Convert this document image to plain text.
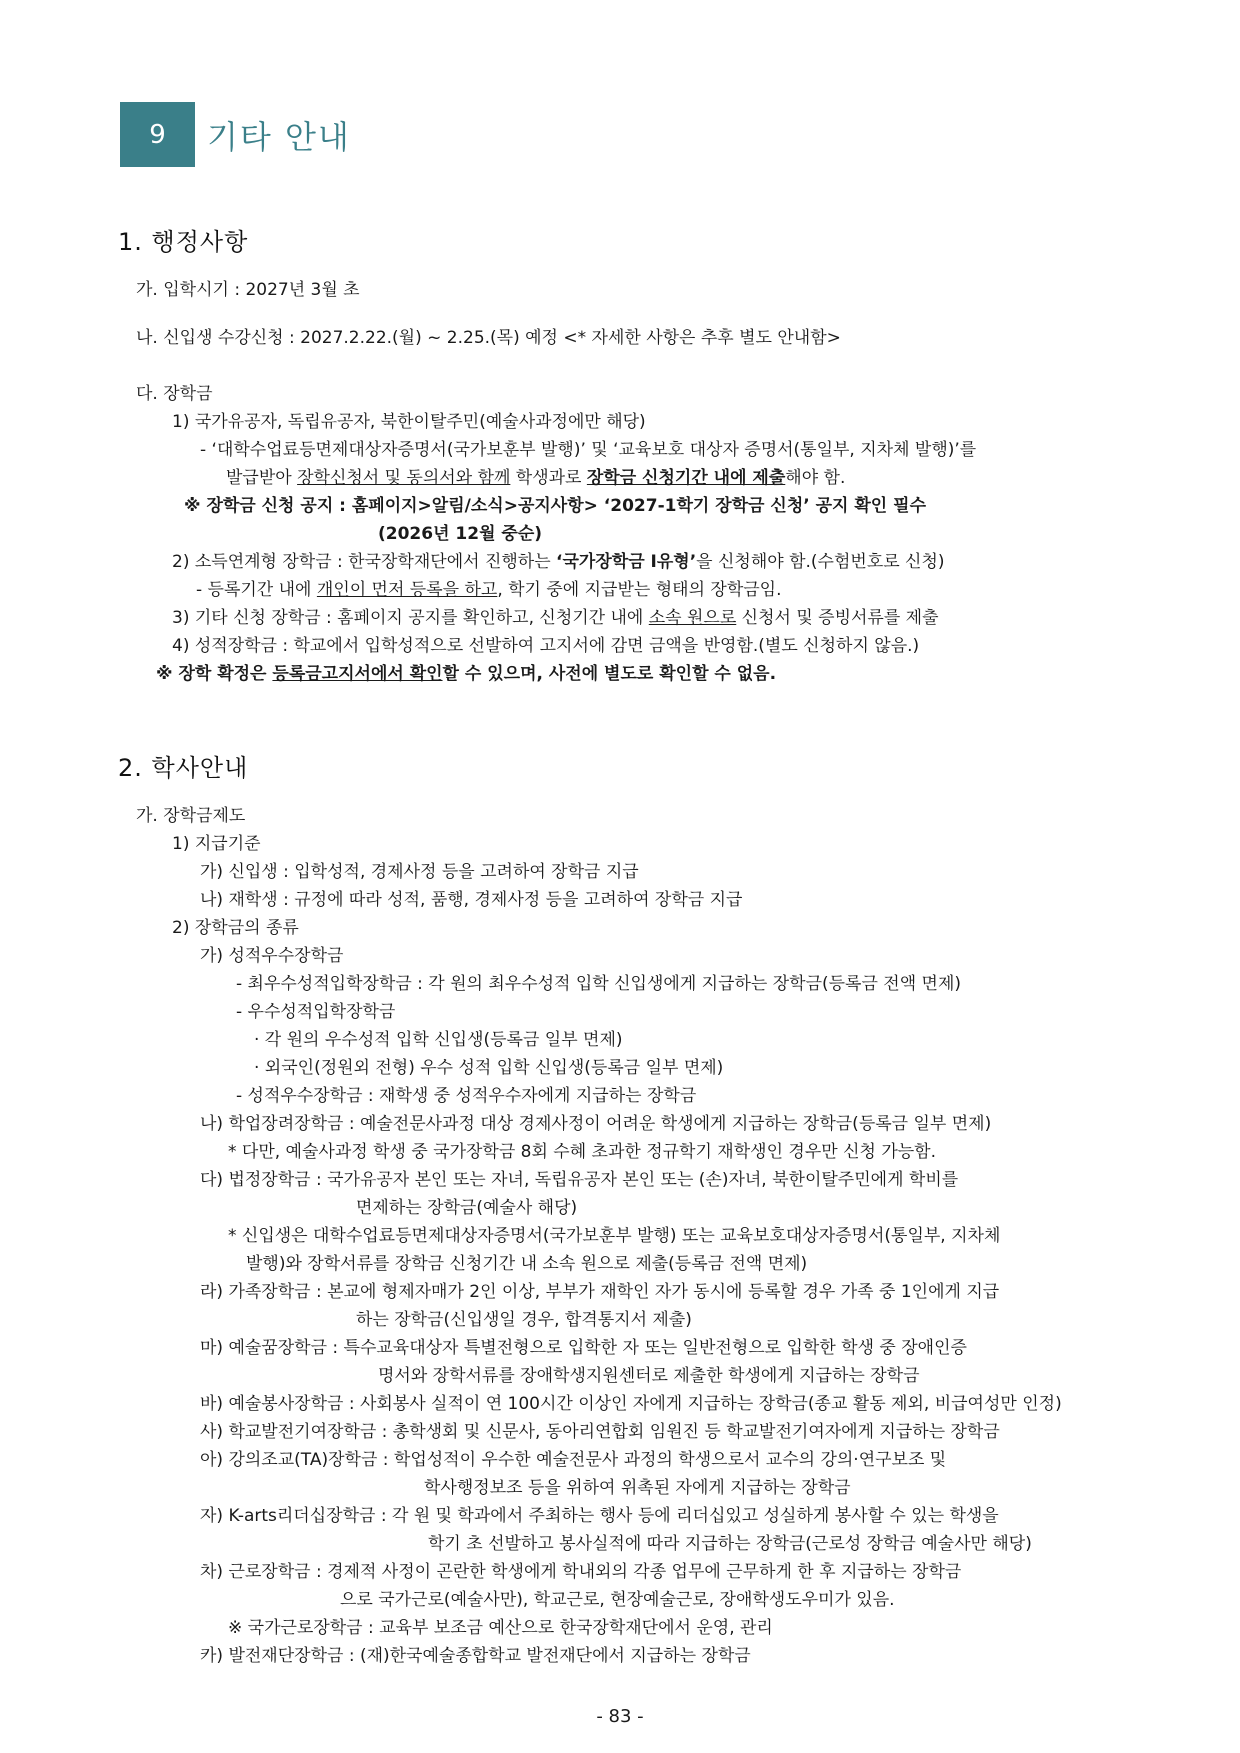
9 기타 안내
1. 행정사항
가. 입학시기 : 2027년 3월 초
나. 신입생 수강신청 : 2027.2.22.(월) ~ 2.25.(목) 예정 <* 자세한 사항은 추후 별도 안내함>
다. 장학금
1) 국가유공자, 독립유공자, 북한이탈주민(예술사과정에만 해당)
- ‘대학수업료등면제대상자증명서(국가보훈부 발행)’ 및 ‘교육보호 대상자 증명서(통일부, 지차체 발행)’를
발급받아 장학신청서 및 동의서와 함께 학생과로 장학금 신청기간 내에 제출해야 함.
※ 장학금 신청 공지 : 홈페이지>알림/소식>공지사항> ‘2027-1학기 장학금 신청’ 공지 확인 필수
(2026년 12월 중순)
2) 소득연계형 장학금 : 한국장학재단에서 진행하는 ‘국가장학금 Ⅰ유형’을 신청해야 함.(수험번호로 신청)
- 등록기간 내에 개인이 먼저 등록을 하고, 학기 중에 지급받는 형태의 장학금임.
3) 기타 신청 장학금 : 홈페이지 공지를 확인하고, 신청기간 내에 소속 원으로 신청서 및 증빙서류를 제출
4) 성적장학금 : 학교에서 입학성적으로 선발하여 고지서에 감면 금액을 반영함.(별도 신청하지 않음.)
※ 장학 확정은 등록금고지서에서 확인할 수 있으며, 사전에 별도로 확인할 수 없음.
2. 학사안내
가. 장학금제도
1) 지급기준
가) 신입생 : 입학성적, 경제사정 등을 고려하여 장학금 지급
나) 재학생 : 규정에 따라 성적, 품행, 경제사정 등을 고려하여 장학금 지급
2) 장학금의 종류
가) 성적우수장학금
- 최우수성적입학장학금 : 각 원의 최우수성적 입학 신입생에게 지급하는 장학금(등록금 전액 면제)
- 우수성적입학장학금
· 각 원의 우수성적 입학 신입생(등록금 일부 면제)
· 외국인(정원외 전형) 우수 성적 입학 신입생(등록금 일부 면제)
- 성적우수장학금 : 재학생 중 성적우수자에게 지급하는 장학금
나) 학업장려장학금 : 예술전문사과정 대상 경제사정이 어려운 학생에게 지급하는 장학금(등록금 일부 면제)
* 다만, 예술사과정 학생 중 국가장학금 8회 수혜 초과한 정규학기 재학생인 경우만 신청 가능함.
다) 법정장학금 : 국가유공자 본인 또는 자녀, 독립유공자 본인 또는 (손)자녀, 북한이탈주민에게 학비를
면제하는 장학금(예술사 해당)
* 신입생은 대학수업료등면제대상자증명서(국가보훈부 발행) 또는 교육보호대상자증명서(통일부, 지차체
발행)와 장학서류를 장학금 신청기간 내 소속 원으로 제출(등록금 전액 면제)
라) 가족장학금 : 본교에 형제자매가 2인 이상, 부부가 재학인 자가 동시에 등록할 경우 가족 중 1인에게 지급
하는 장학금(신입생일 경우, 합격통지서 제출)
마) 예술꿈장학금 : 특수교육대상자 특별전형으로 입학한 자 또는 일반전형으로 입학한 학생 중 장애인증
명서와 장학서류를 장애학생지원센터로 제출한 학생에게 지급하는 장학금
바) 예술봉사장학금 : 사회봉사 실적이 연 100시간 이상인 자에게 지급하는 장학금(종교 활동 제외, 비급여성만 인정)
사) 학교발전기여장학금 : 총학생회 및 신문사, 동아리연합회 임원진 등 학교발전기여자에게 지급하는 장학금
아) 강의조교(TA)장학금 : 학업성적이 우수한 예술전문사 과정의 학생으로서 교수의 강의·연구보조 및
학사행정보조 등을 위하여 위촉된 자에게 지급하는 장학금
자) K-arts리더십장학금 : 각 원 및 학과에서 주최하는 행사 등에 리더십있고 성실하게 봉사할 수 있는 학생을
학기 초 선발하고 봉사실적에 따라 지급하는 장학금(근로성 장학금 예술사만 해당)
차) 근로장학금 : 경제적 사정이 곤란한 학생에게 학내외의 각종 업무에 근무하게 한 후 지급하는 장학금
으로 국가근로(예술사만), 학교근로, 현장예술근로, 장애학생도우미가 있음.
※ 국가근로장학금 : 교육부 보조금 예산으로 한국장학재단에서 운영, 관리
카) 발전재단장학금 : (재)한국예술종합학교 발전재단에서 지급하는 장학금
- 83 -
